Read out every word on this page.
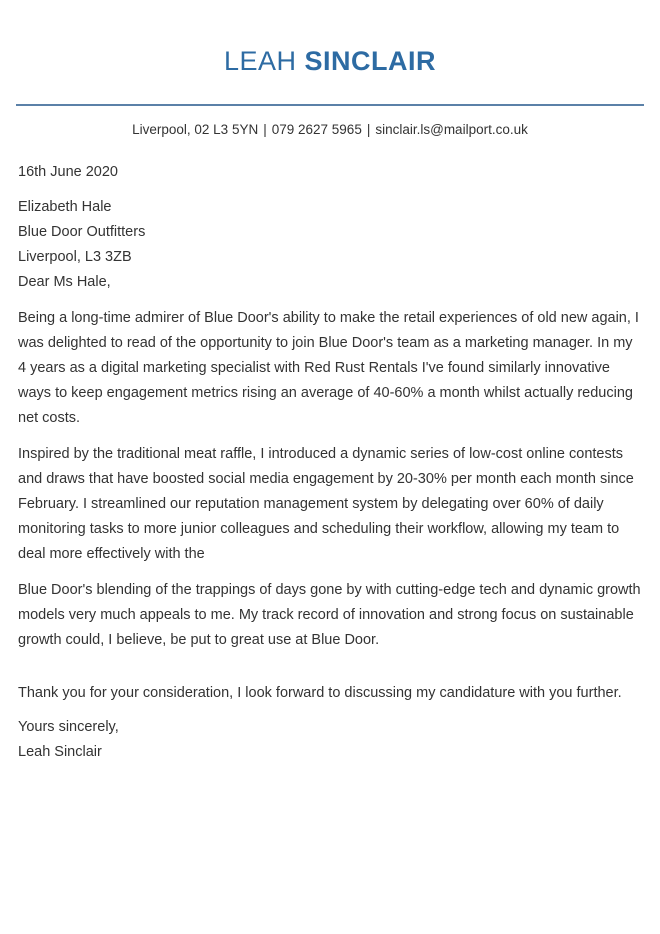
LEAH SINCLAIR
Liverpool, 02 L3 5YN | 079 2627 5965 | sinclair.ls@mailport.co.uk

16th June 2020

Elizabeth Hale

Blue Door Outfitters

Liverpool, L3 3ZB

Dear Ms Hale,

Being a long-time admirer of Blue Door's ability to make the retail experiences of old new again, I was delighted to read of the opportunity to join Blue Door's team as a marketing manager. In my 4 years as a digital marketing specialist with Red Rust Rentals I've found similarly innovative ways to keep engagement metrics rising an average of 40-60% a month whilst actually reducing net costs.

Inspired by the traditional meat raffle, I introduced a dynamic series of low-cost online contests and draws that have boosted social media engagement by 20-30% per month each month since February. I streamlined our reputation management system by delegating over 60% of daily monitoring tasks to more junior colleagues and scheduling their workflow, allowing my team to deal more effectively with the

Blue Door's blending of the trappings of days gone by with cutting-edge tech and dynamic growth models very much appeals to me. My track record of innovation and strong focus on sustainable growth could, I believe, be put to great use at Blue Door.

Thank you for your consideration, I look forward to discussing my candidature with you further.

Yours sincerely,

Leah Sinclair
